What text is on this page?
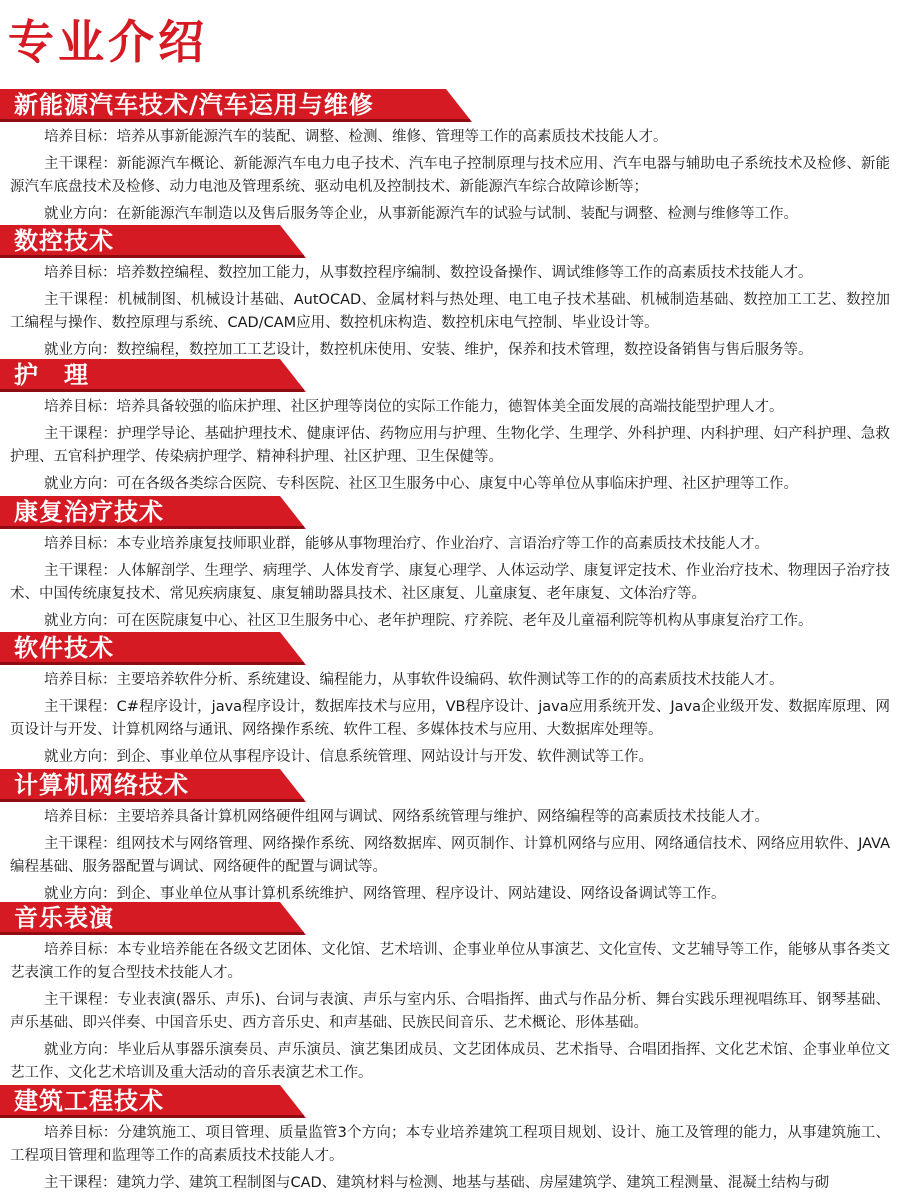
专业介绍
新能源汽车技术/汽车运用与维修

培养目标：培养从事新能源汽车的装配、调整、检测、维修、管理等工作的高素质技术技能人才。

主干课程：新能源汽车概论、新能源汽车电力电子技术、汽车电子控制原理与技术应用、汽车电器与辅助电子系统技术及检修、新能源汽车底盘技术及检修、动力电池及管理系统、驱动电机及控制技术、新能源汽车综合故障诊断等；

就业方向：在新能源汽车制造以及售后服务等企业，从事新能源汽车的试验与试制、装配与调整、检测与维修等工作。

数控技术

培养目标：培养数控编程、数控加工能力，从事数控程序编制、数控设备操作、调试维修等工作的高素质技术技能人才。

主干课程：机械制图、机械设计基础、AutOCAD、金属材料与热处理、电工电子技术基础、机械制造基础、数控加工工艺、数控加工编程与操作、数控原理与系统、CAD/CAM应用、数控机床构造、数控机床电气控制、毕业设计等。

就业方向：数控编程，数控加工工艺设计，数控机床使用、安装、维护，保养和技术管理，数控设备销售与售后服务等。

护　理

培养目标：培养具备较强的临床护理、社区护理等岗位的实际工作能力，德智体美全面发展的高端技能型护理人才。

主干课程：护理学导论、基础护理技术、健康评估、药物应用与护理、生物化学、生理学、外科护理、内科护理、妇产科护理、急救护理、五官科护理学、传染病护理学、精神科护理、社区护理、卫生保健等。

就业方向：可在各级各类综合医院、专科医院、社区卫生服务中心、康复中心等单位从事临床护理、社区护理等工作。

康复治疗技术

培养目标：本专业培养康复技师职业群，能够从事物理治疗、作业治疗、言语治疗等工作的高素质技术技能人才。

主干课程：人体解剖学、生理学、病理学、人体发育学、康复心理学、人体运动学、康复评定技术、作业治疗技术、物理因子治疗技术、中国传统康复技术、常见疾病康复、康复辅助器具技术、社区康复、儿童康复、老年康复、文体治疗等。

就业方向：可在医院康复中心、社区卫生服务中心、老年护理院、疗养院、老年及儿童福利院等机构从事康复治疗工作。

软件技术

培养目标：主要培养软件分析、系统建设、编程能力，从事软件设编码、软件测试等工作的的高素质技术技能人才。

主干课程：C#程序设计，java程序设计，数据库技术与应用，VB程序设计、java应用系统开发、Java企业级开发、数据库原理、网页设计与开发、计算机网络与通讯、网络操作系统、软件工程、多媒体技术与应用、大数据库处理等。

就业方向：到企、事业单位从事程序设计、信息系统管理、网站设计与开发、软件测试等工作。

计算机网络技术

培养目标：主要培养具备计算机网络硬件组网与调试、网络系统管理与维护、网络编程等的高素质技术技能人才。

主干课程：组网技术与网络管理、网络操作系统、网络数据库、网页制作、计算机网络与应用、网络通信技术、网络应用软件、JAVA编程基础、服务器配置与调试、网络硬件的配置与调试等。

就业方向：到企、事业单位从事计算机系统维护、网络管理、程序设计、网站建设、网络设备调试等工作。

音乐表演

培养目标：本专业培养能在各级文艺团体、文化馆、艺术培训、企事业单位从事演艺、文化宣传、文艺辅导等工作，能够从事各类文艺表演工作的复合型技术技能人才。

主干课程：专业表演(器乐、声乐)、台词与表演、声乐与室内乐、合唱指挥、曲式与作品分析、舞台实践乐理视唱练耳、钢琴基础、声乐基础、即兴伴奏、中国音乐史、西方音乐史、和声基础、民族民间音乐、艺术概论、形体基础。

就业方向：毕业后从事器乐演奏员、声乐演员、演艺集团成员、文艺团体成员、艺术指导、合唱团指挥、文化艺术馆、企事业单位文艺工作、文化艺术培训及重大活动的音乐表演艺术工作。

建筑工程技术

培养目标：分建筑施工、项目管理、质量监管3个方向；本专业培养建筑工程项目规划、设计、施工及管理的能力，从事建筑施工、工程项目管理和监理等工作的高素质技术技能人才。

主干课程：建筑力学、建筑工程制图与CAD、建筑材料与检测、地基与基础、房屋建筑学、建筑工程测量、混凝土结构与砌
